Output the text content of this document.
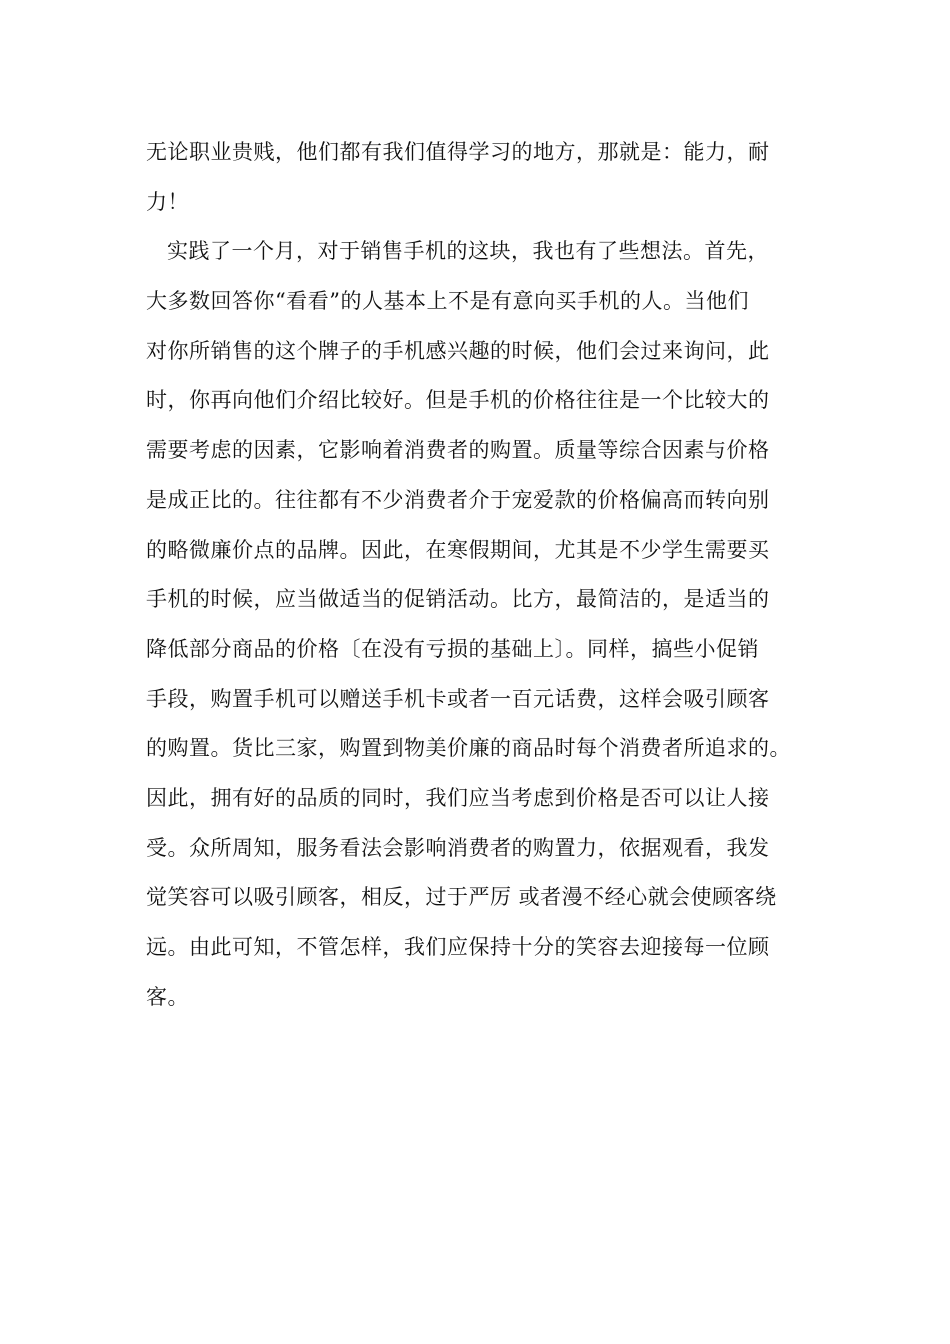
无论职业贵贱，他们都有我们值得学习的地方，那就是：能力，耐
力！
实践了一个月，对于销售手机的这块，我也有了些想法。首先，
大多数回答你“看看”的人基本上不是有意向买手机的人。当他们
对你所销售的这个牌子的手机感兴趣的时候，他们会过来询问，此
时，你再向他们介绍比较好。但是手机的价格往往是一个比较大的
需要考虑的因素，它影响着消费者的购置。质量等综合因素与价格
是成正比的。往往都有不少消费者介于宠爱款的价格偏高而转向别
的略微廉价点的品牌。因此，在寒假期间，尤其是不少学生需要买
手机的时候，应当做适当的促销活动。比方，最简洁的，是适当的
降低部分商品的价格〔在没有亏损的基础上〕。同样，搞些小促销
手段，购置手机可以赠送手机卡或者一百元话费，这样会吸引顾客
的购置。货比三家，购置到物美价廉的商品时每个消费者所追求的。
因此，拥有好的品质的同时，我们应当考虑到价格是否可以让人接
受。众所周知，服务看法会影响消费者的购置力，依据观看，我发
觉笑容可以吸引顾客，相反，过于严厉 或者漫不经心就会使顾客绕
远。由此可知，不管怎样，我们应保持十分的笑容去迎接每一位顾
客。
